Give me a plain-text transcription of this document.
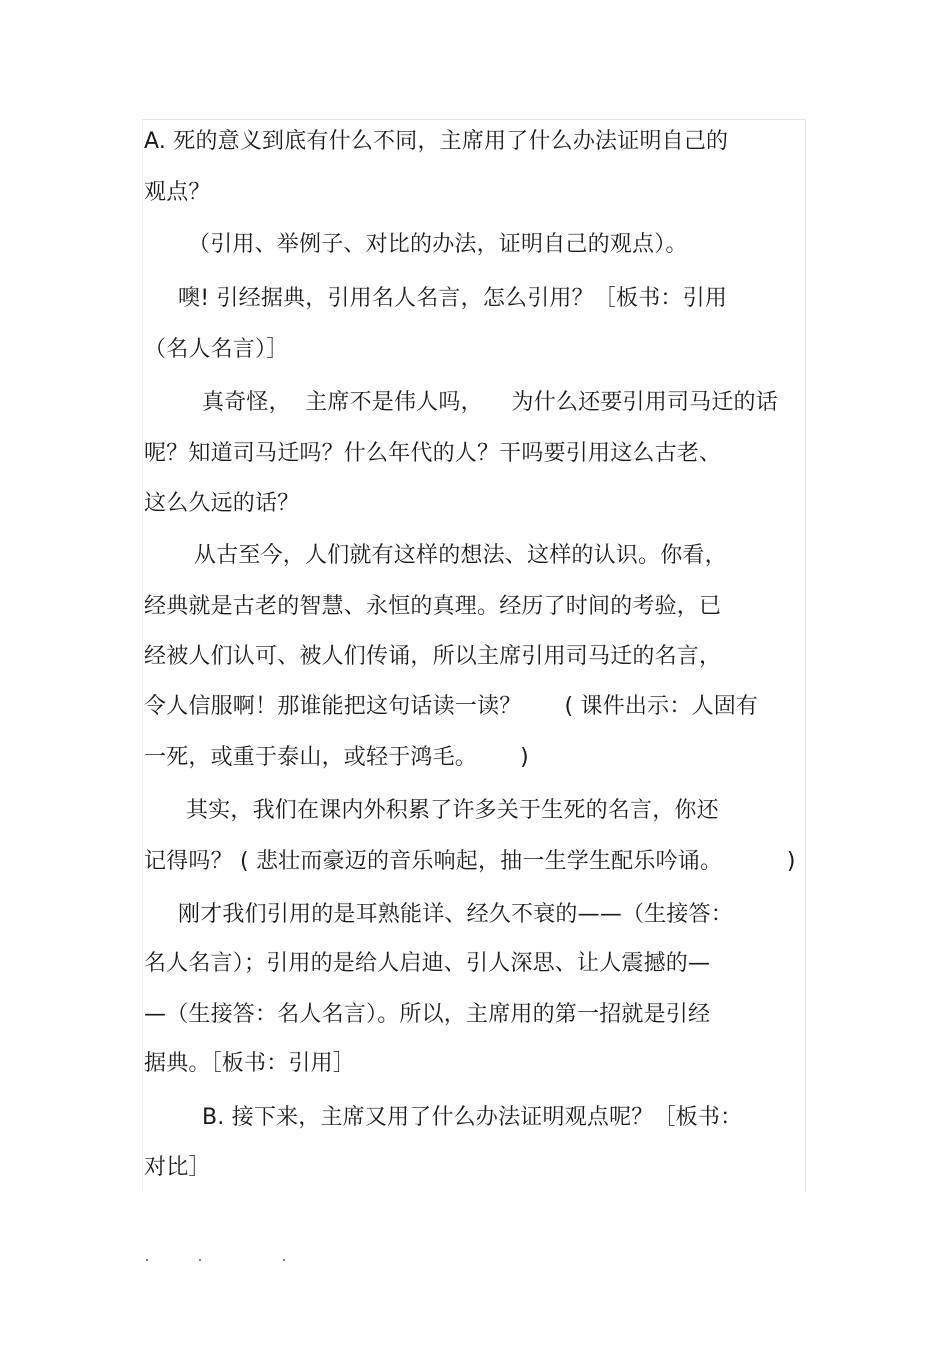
A. 死的意义到底有什么不同，主席用了什么办法证明自己的
观点？
（引用、举例子、对比的办法，证明自己的观点）。
噢! 引经据典，引用名人名言，怎么引用？［板书：引用
（名人名言）］
真奇怪，  主席不是伟人吗，    为什么还要引用司马迁的话
呢？知道司马迁吗？什么年代的人？干吗要引用这么古老、
这么久远的话？
从古至今，人们就有这样的想法、这样的认识。你看，
经典就是古老的智慧、永恒的真理。经历了时间的考验，已
经被人们认可、被人们传诵，所以主席引用司马迁的名言，
令人信服啊！那谁能把这句话读一读？      ( 课件出示：人固有
一死，或重于泰山，或轻于鸿毛。      )
其实，我们在课内外积累了许多关于生死的名言，你还
记得吗？ ( 悲壮而豪迈的音乐响起，抽一生学生配乐吟诵。         )
刚才我们引用的是耳熟能详、经久不衰的——（生接答：
名人名言）；引用的是给人启迪、引人深思、让人震撼的—
—（生接答：名人名言）。所以，主席用的第一招就是引经
据典。［板书：引用］
B. 接下来，主席又用了什么办法证明观点呢？［板书：
对比］
